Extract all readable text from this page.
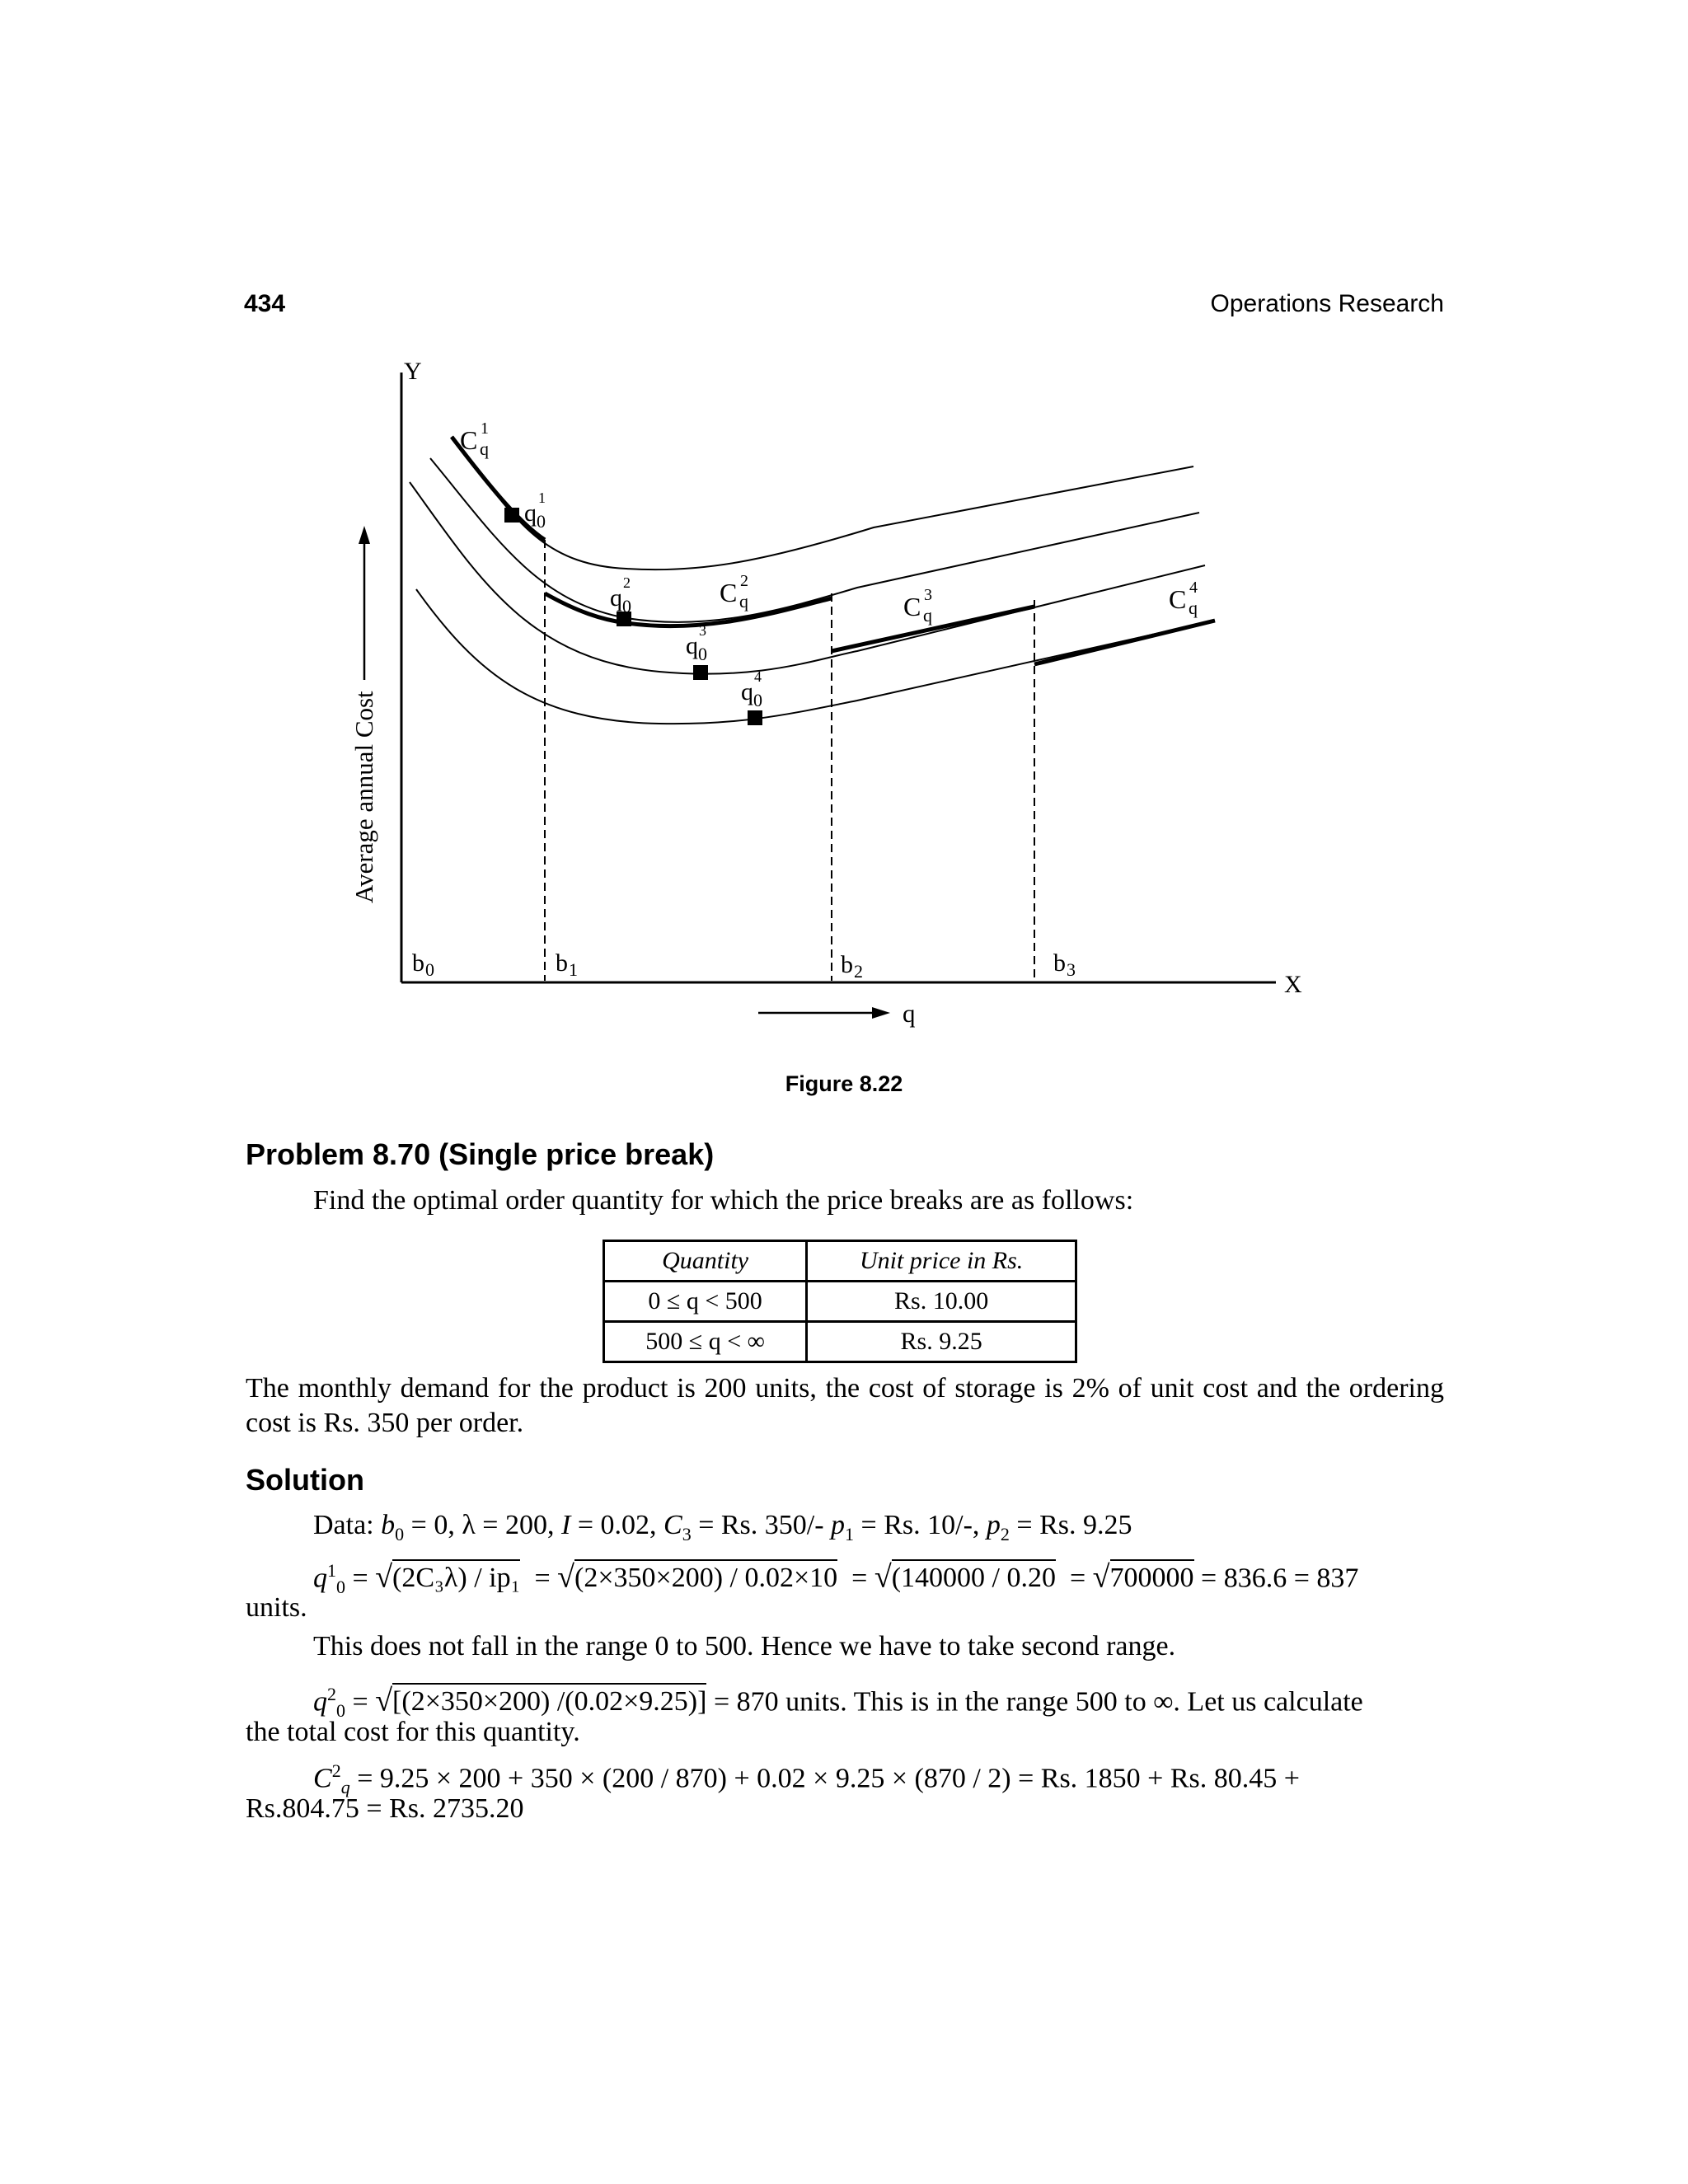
434	Operations Research
Y
X
Average annual Cost
q
C 1
q
C 2
q	C 3
q
C 4
q
q
1
0
q
2
0
q
3
0
q
4
0
b 0	b 1	b 2	b 3
Figure 8.22
Problem 8.70 (Single price break)
Find the optimal order quantity for which the price breaks are as follows:
Quantity	Unit price in Rs.
0 ≤ q < 500	Rs. 10.00
500 ≤ q < ∞	Rs. 9.25
The monthly demand for the product is 200 units, the cost of storage is 2% of unit cost and the ordering cost is Rs. 350 per order.
Solution
Data: $b_0 = 0$, λ = 200, I = 0.02, $C_3 = Rs$. 350/- $p_1 = Rs$. 10/-, $p_2 = Rs$. 9.25
$q^1_0 = √(2C_3\lambda) / ip_1 = √(2\times 350\times 200) / 0.02\times 10 = √(140000 / 0.20 = √700000 = 836.6 = 837$
units.
This does not fall in the range 0 to 500. Hence we have to take second range.
$q^2_0 = √[(2\times 350\times 200) /(0.02\times 9.25)] = 870$ units. This is in the range 500 to ∞. Let us calculate
the total cost for this quantity.
$C^2_q = 9.25 \times 200 + 350 \times (200 / 870) + 0.02 \times 9.25 \times (870 / 2) = Rs$. 1850 + Rs. 80.45 +
Rs.804.75 = Rs. 2735.20
